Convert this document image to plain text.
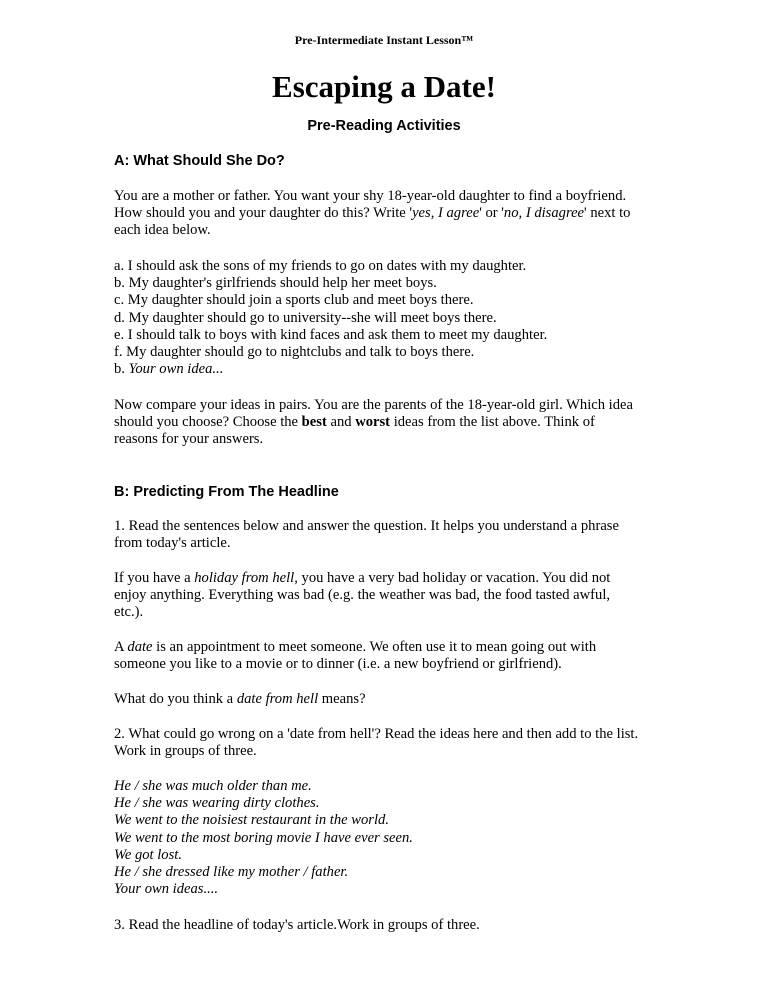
Pre-Intermediate Instant Lesson™
Escaping a Date!
Pre-Reading Activities
A: What Should She Do?
You are a mother or father. You want your shy 18-year-old daughter to find a boyfriend.
How should you and your daughter do this? Write 'yes, I agree' or 'no, I disagree' next to
each idea below.
a. I should ask the sons of my friends to go on dates with my daughter.
b. My daughter's girlfriends should help her meet boys.
c. My daughter should join a sports club and meet boys there.
d. My daughter should go to university--she will meet boys there.
e. I should talk to boys with kind faces and ask them to meet my daughter.
f. My daughter should go to nightclubs and talk to boys there.
b. Your own idea...
Now compare your ideas in pairs. You are the parents of the 18-year-old girl. Which idea
should you choose? Choose the best and worst ideas from the list above. Think of
reasons for your answers.
B: Predicting From The Headline
1. Read the sentences below and answer the question. It helps you understand a phrase
from today's article.
If you have a holiday from hell, you have a very bad holiday or vacation. You did not
enjoy anything. Everything was bad (e.g. the weather was bad, the food tasted awful,
etc.).
A date is an appointment to meet someone. We often use it to mean going out with
someone you like to a movie or to dinner (i.e. a new boyfriend or girlfriend).
What do you think a date from hell means?
2. What could go wrong on a 'date from hell'? Read the ideas here and then add to the list.
Work in groups of three.
He / she was much older than me.
He / she was wearing dirty clothes.
We went to the noisiest restaurant in the world.
We went to the most boring movie I have ever seen.
We got lost.
He / she dressed like my mother / father.
Your own ideas....
3. Read the headline of today's article.Work in groups of three.
